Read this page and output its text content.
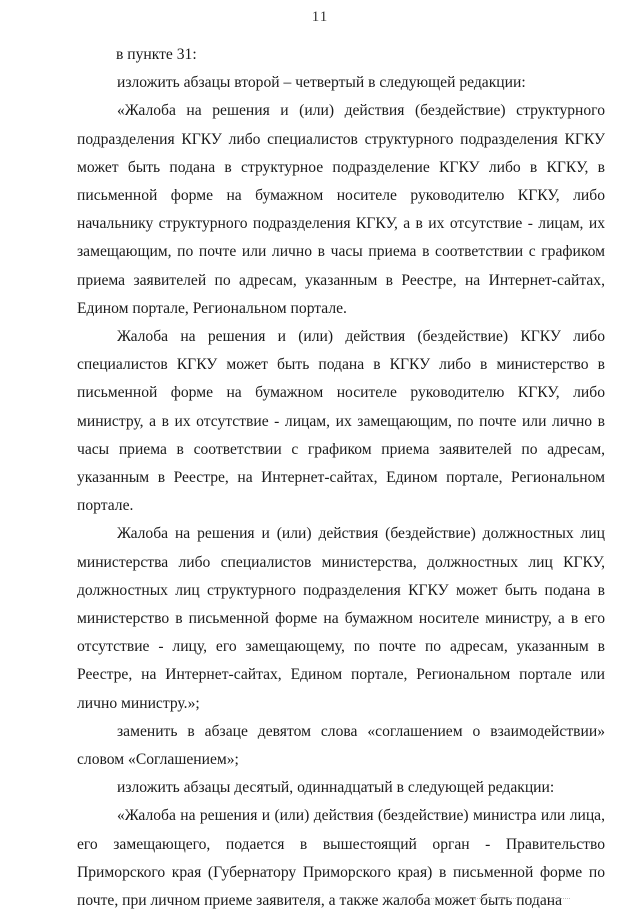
11

в пункте 31:

изложить абзацы второй – четвертый в следующей редакции:

«Жалоба на решения и (или) действия (бездействие) структурного подразделения КГКУ либо специалистов структурного подразделения КГКУ может быть подана в структурное подразделение КГКУ либо в КГКУ, в письменной форме на бумажном носителе руководителю КГКУ, либо начальнику структурного подразделения КГКУ, а в их отсутствие - лицам, их замещающим, по почте или лично в часы приема в соответствии с графиком приема заявителей по адресам, указанным в Реестре, на Интернет-сайтах, Едином портале, Региональном портале.

Жалоба на решения и (или) действия (бездействие) КГКУ либо специалистов КГКУ может быть подана в КГКУ либо в министерство в письменной форме на бумажном носителе руководителю КГКУ, либо министру, а в их отсутствие - лицам, их замещающим, по почте или лично в часы приема в соответствии с графиком приема заявителей по адресам, указанным в Реестре, на Интернет-сайтах, Едином портале, Региональном портале.

Жалоба на решения и (или) действия (бездействие) должностных лиц министерства либо специалистов министерства, должностных лиц КГКУ, должностных лиц структурного подразделения КГКУ может быть подана в министерство в письменной форме на бумажном носителе министру, а в его отсутствие - лицу, его замещающему, по почте по адресам, указанным в Реестре, на Интернет-сайтах, Едином портале, Региональном портале или лично министру.»;

заменить в абзаце девятом слова «соглашением о взаимодействии» словом «Соглашением»;

изложить абзацы десятый, одиннадцатый в следующей редакции:

«Жалоба на решения и (или) действия (бездействие) министра или лица, его замещающего, подается в вышестоящий орган - Правительство Приморского края (Губернатору Приморского края) в письменной форме по почте, при личном приеме заявителя, а также жалоба может быть подана
